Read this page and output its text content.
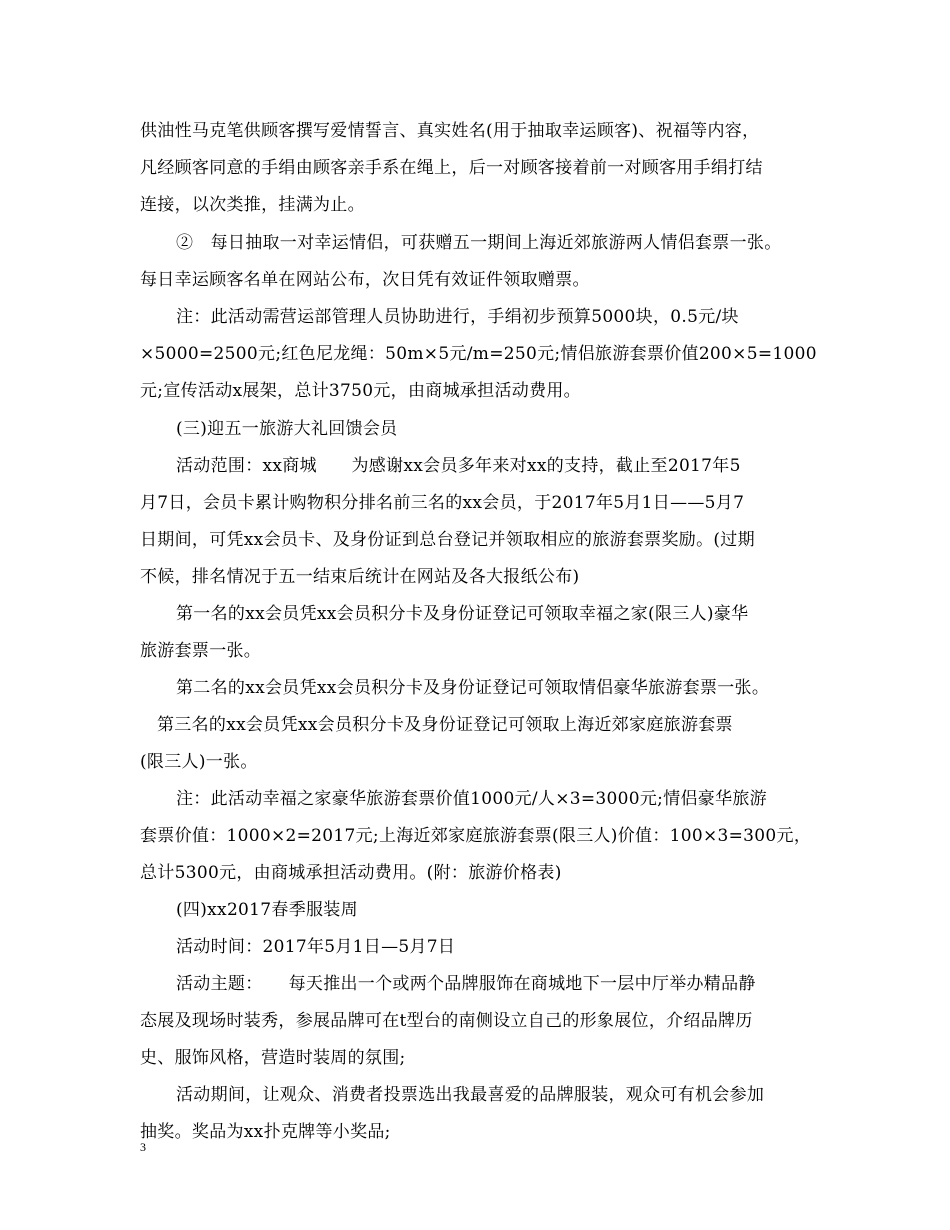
供油性马克笔供顾客撰写爱情誓言、真实姓名(用于抽取幸运顾客)、祝福等内容，
凡经顾客同意的手绢由顾客亲手系在绳上，后一对顾客接着前一对顾客用手绢打结
连接，以次类推，挂满为止。
②　每日抽取一对幸运情侣，可获赠五一期间上海近郊旅游两人情侣套票一张。
每日幸运顾客名单在网站公布，次日凭有效证件领取赠票。
注：此活动需营运部管理人员协助进行，手绢初步预算5000块，0.5元/块
×5000=2500元;红色尼龙绳：50m×5元/m=250元;情侣旅游套票价值200×5=1000
元;宣传活动x展架，总计3750元，由商城承担活动费用。
(三)迎五一旅游大礼回馈会员
活动范围：xx商城　　为感谢xx会员多年来对xx的支持，截止至2017年5
月7日，会员卡累计购物积分排名前三名的xx会员，于2017年5月1日——5月7
日期间，可凭xx会员卡、及身份证到总台登记并领取相应的旅游套票奖励。(过期
不候，排名情况于五一结束后统计在网站及各大报纸公布)
第一名的xx会员凭xx会员积分卡及身份证登记可领取幸福之家(限三人)豪华
旅游套票一张。
第二名的xx会员凭xx会员积分卡及身份证登记可领取情侣豪华旅游套票一张。
第三名的xx会员凭xx会员积分卡及身份证登记可领取上海近郊家庭旅游套票
(限三人)一张。
注：此活动幸福之家豪华旅游套票价值1000元/人×3=3000元;情侣豪华旅游
套票价值：1000×2=2017元;上海近郊家庭旅游套票(限三人)价值：100×3=300元，
总计5300元，由商城承担活动费用。(附：旅游价格表)
(四)xx2017春季服装周
活动时间：2017年5月1日—5月7日
活动主题：　　每天推出一个或两个品牌服饰在商城地下一层中厅举办精品静
态展及现场时装秀，参展品牌可在t型台的南侧设立自己的形象展位，介绍品牌历
史、服饰风格，营造时装周的氛围;
活动期间，让观众、消费者投票选出我最喜爱的品牌服装，观众可有机会参加
抽奖。奖品为xx扑克牌等小奖品;
3
